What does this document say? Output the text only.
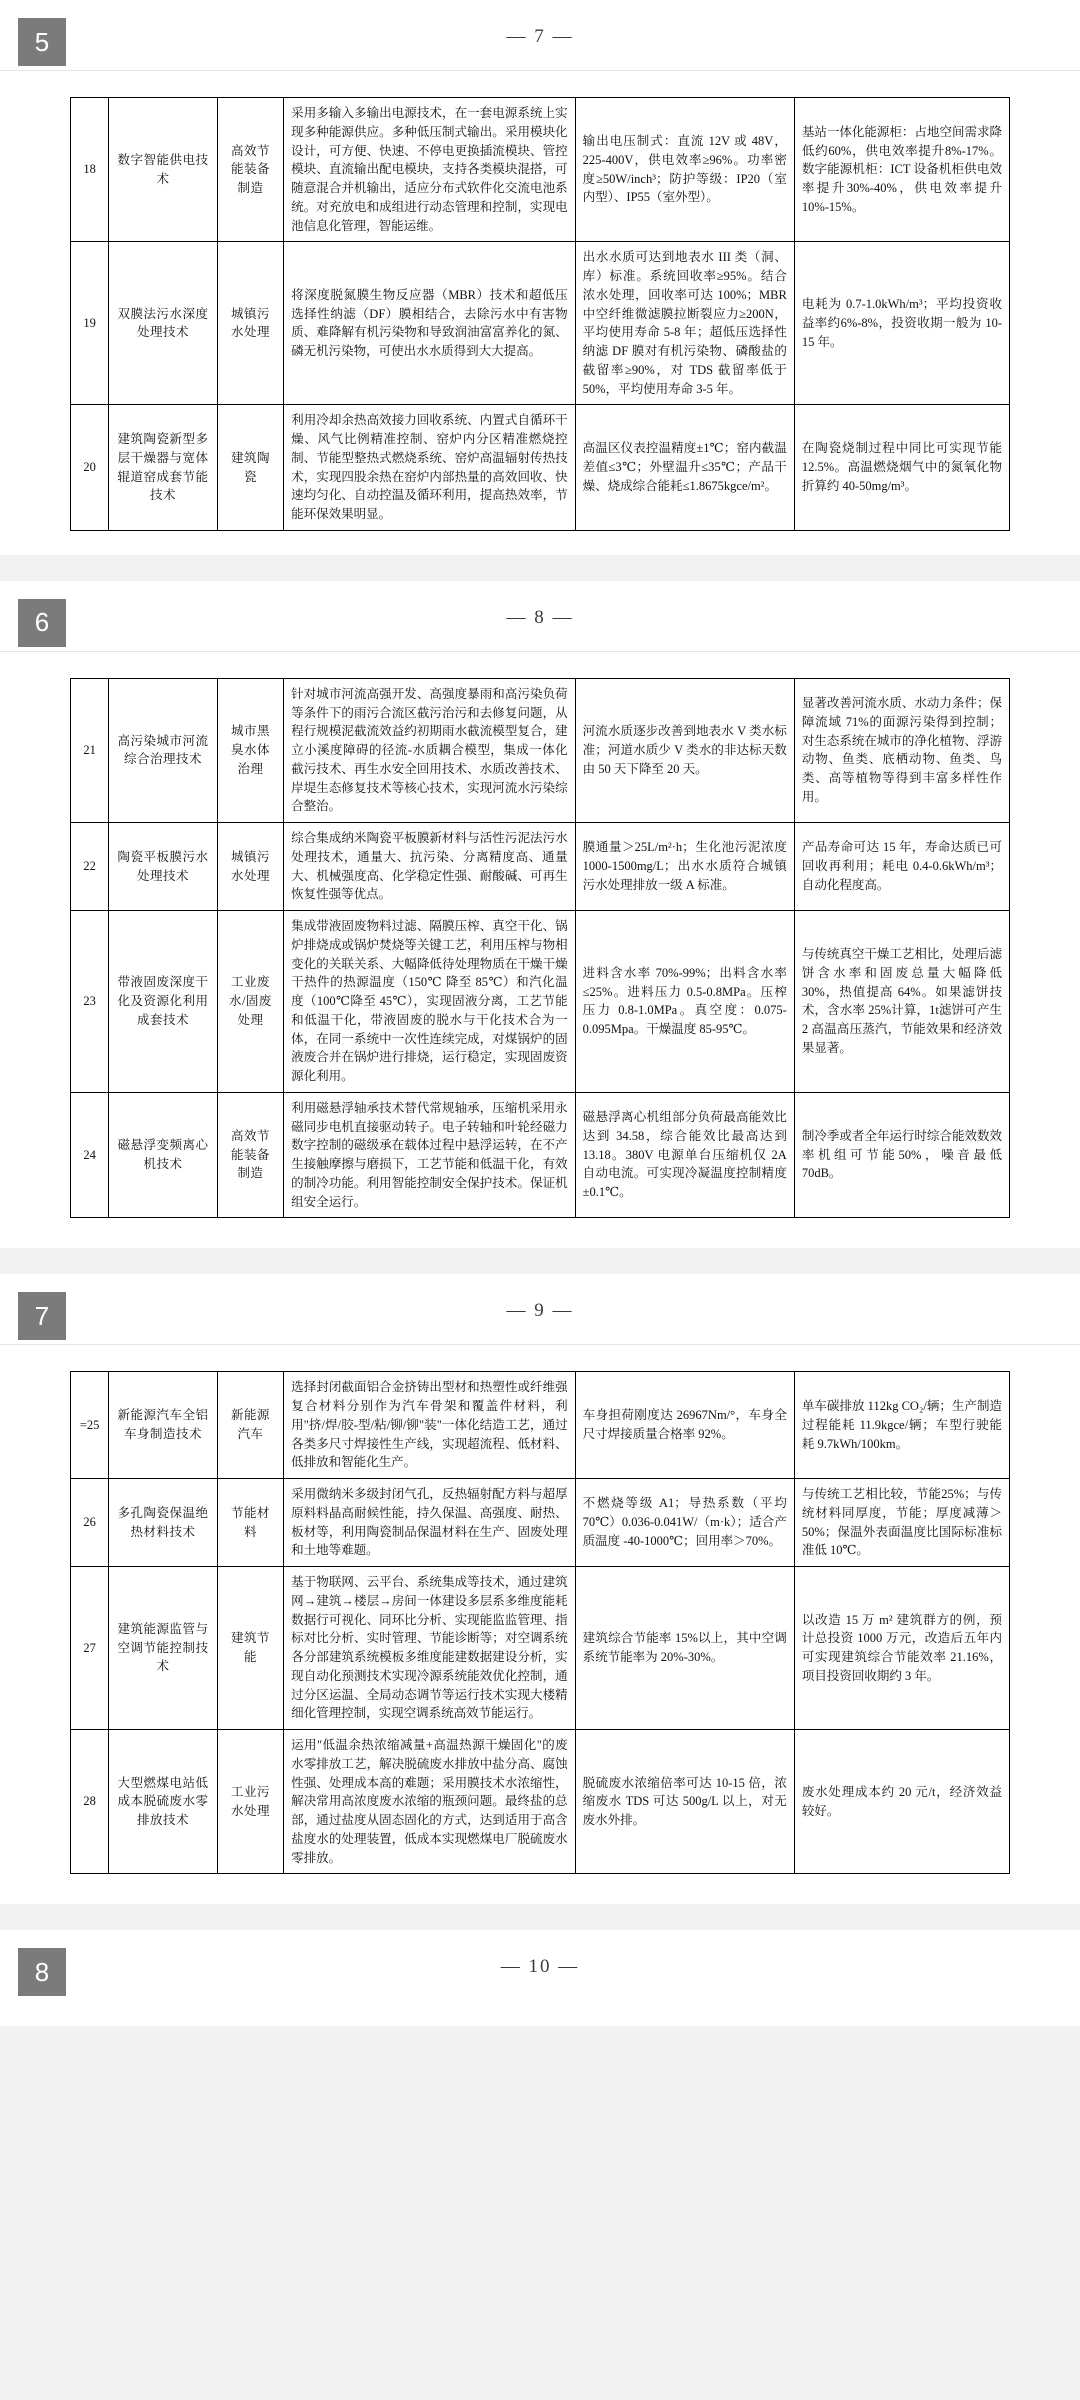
5	— 7 —
18	数字智能供电技术	高效节能装备制造	采用多输入多输出电源技术，在一套电源系统上实现多种能源供应。多种低压制式输出。采用模块化设计，可方便、快速、不停电更换插流模块、管控模块、直流输出配电模块，支持各类模块混搭，可随意混合并机输出，适应分布式软件化交流电池系统。对充放电和成组进行动态管理和控制，实现电池信息化管理，智能运维。	输出电压制式：直流 12V 或 48V，225-400V，供电效率≥96%。功率密度≥50W/inch³；防护等级：IP20（室内型）、IP55（室外型）。	基站一体化能源柜：占地空间需求降低约60%，供电效率提升8%-17%。数字能源机柜：ICT 设备机柜供电效率提升30%-40%，供电效率提升10%-15%。
19	双膜法污水深度处理技术	城镇污水处理	将深度脱氮膜生物反应器（MBR）技术和超低压选择性纳滤（DF）膜相结合，去除污水中有害物质、难降解有机污染物和导致润油富富养化的氮、磷无机污染物，可使出水水质得到大大提高。	出水水质可达到地表水 III 类（洞、库）标准。系统回收率≥95%。结合浓水处理，回收率可达 100%；MBR 中空纤维微滤膜拉断裂应力≥200N，平均使用寿命 5-8 年；超低压选择性纳滤 DF 膜对有机污染物、磷酸盐的截留率≥90%，对 TDS 截留率低于 50%，平均使用寿命 3-5 年。	电耗为 0.7-1.0kWh/m³；平均投资收益率约6%-8%，投资收期一般为 10-15 年。
20	建筑陶瓷新型多层干燥器与宽体辊道窑成套节能技术	建筑陶瓷	利用冷却余热高效接力回收系统、内置式自循环干燥、风气比例精准控制、窑炉内分区精准燃烧控制、节能型整热式燃烧系统、窑炉高温辐射传热技术，实现四股余热在窑炉内部热量的高效回收、快速均匀化、自动控温及循环利用，提高热效率，节能环保效果明显。	高温区仪表控温精度±1℃；窑内截温差值≤3℃；外壁温升≤35℃；产品干燥、烧成综合能耗≤1.8675kgce/m²。	在陶瓷烧制过程中同比可实现节能 12.5%。高温燃烧烟气中的氮氧化物折算约 40-50mg/m³。
6	— 8 —
21	高污染城市河流综合治理技术	城市黑臭水体治理	针对城市河流高强开发、高强度暴雨和高污染负荷等条件下的雨污合流区截污治污和去修复问题，从程行规模泥截流效益约初期雨水截流模型复合，建立小溪度障碍的径流-水质耦合模型，集成一体化截污技术、再生水安全回用技术、水质改善技术、岸堤生态修复技术等核心技术，实现河流水污染综合整治。	河流水质逐步改善到地表水 V 类水标准；河道水质少 V 类水的非达标天数由 50 天下降至 20 天。	显著改善河流水质、水动力条件；保障流域 71%的面源污染得到控制；对生态系统在城市的净化植物、浮游动物、鱼类、底栖动物、鱼类、鸟类、高等植物等得到丰富多样性作用。
22	陶瓷平板膜污水处理技术	城镇污水处理	综合集成纳米陶瓷平板膜新材料与活性污泥法污水处理技术，通量大、抗污染、分离精度高、通量大、机械强度高、化学稳定性强、耐酸碱、可再生恢复性强等优点。	膜通量＞25L/m²·h；生化池污泥浓度 1000-1500mg/L；出水水质符合城镇污水处理排放一级 A 标准。	产品寿命可达 15 年，寿命达质已可回收再利用；耗电 0.4-0.6kWh/m³；自动化程度高。
23	带液固废深度干化及资源化利用成套技术	工业废水/固废处理	集成带液固废物料过滤、隔膜压榨、真空干化、锅炉排烧成或锅炉焚烧等关键工艺，利用压榨与物相变化的关联关系、大幅降低待处理物质在干燥干燥干热件的热源温度（150℃ 降至 85℃）和汽化温度（100℃降至 45℃），实现固液分离，工艺节能和低温干化，带液固废的脱水与干化技术合为一体，在同一系统中一次性连续完成，对煤锅炉的固液废合并在锅炉进行排烧，运行稳定，实现固废资源化利用。	进料含水率 70%-99%；出料含水率≤25%。进料压力 0.5-0.8MPa。压榨压力 0.8-1.0MPa。真空度：0.075-0.095Mpa。干燥温度 85-95℃。	与传统真空干燥工艺相比，处理后滤饼含水率和固废总量大幅降低 30%，热值提高 64%。如果滤饼技术，含水率 25%计算，1t滤饼可产生 2 高温高压蒸汽，节能效果和经济效果显著。
24	磁悬浮变频离心机技术	高效节能装备制造	利用磁悬浮轴承技术替代常规轴承，压缩机采用永磁同步电机直接驱动转子。电子转轴和叶轮经磁力数字控制的磁级承在载体过程中悬浮运转，在不产生接触摩擦与磨损下，工艺节能和低温干化，有效的制冷功能。利用智能控制安全保护技术。保证机组安全运行。	磁悬浮离心机组部分负荷最高能效比达到 34.58，综合能效比最高达到 13.18。380V 电源单台压缩机仅 2A 自动电流。可实现冷凝温度控制精度±0.1℃。	制冷季或者全年运行时综合能效数效率机组可节能50%，噪音最低 70dB。
7	— 9 —
=25	新能源汽车全铝车身制造技术	新能源汽车	选择封闭截面铝合金挤铸出型材和热塑性或纤维强复合材料分别作为汽车骨架和覆盖件材料，利用"挤/焊/胶-型/粘/铆/铆"装"一体化结造工艺，通过各类多尺寸焊接性生产线，实现超流程、低材料、低排放和智能化生产。	车身担荷刚度达 26967Nm/°，车身全尺寸焊接质量合格率 92%。	单车碳排放 112kg CO₂/辆；生产制造过程能耗 11.9kgce/辆；车型行驶能耗 9.7kWh/100km。
26	多孔陶瓷保温绝热材料技术	节能材料	采用微纳米多级封闭气孔，反热辐射配方料与超厚原料料晶高耐候性能，持久保温、高强度、耐热、板材等，利用陶瓷制品保温材料在生产、固废处理和土地等难题。	不燃烧等级 A1；导热系数（平均 70℃）0.036-0.041W/（m·k）；适合产质温度 -40-1000℃；回用率＞70%。	与传统工艺相比较，节能25%；与传统材料同厚度，节能；厚度减薄＞50%；保温外表面温度比国际标准标准低 10℃。
27	建筑能源监管与空调节能控制技术	建筑节能	基于物联网、云平台、系统集成等技术，通过建筑网→建筑→楼层→房间一体建设多层系多维度能耗数据行可视化、同环比分析、实现能监监管理、指标对比分析、实时管理、节能诊断等；对空调系统各分部建筑系统模板多维度能建数据建设分析，实现自动化预测技术实现冷源系统能效优化控制，通过分区运温、全局动态调节等运行技术实现大楼精细化管理控制，实现空调系统高效节能运行。	建筑综合节能率 15%以上，其中空调系统节能率为 20%-30%。	以改造 15 万 m² 建筑群方的例，预计总投资 1000 万元，改造后五年内可实现建筑综合节能效率 21.16%，项目投资回收期约 3 年。
28	大型燃煤电站低成本脱硫废水零排放技术	工业污水处理	运用"低温余热浓缩减量+高温热源干燥固化"的废水零排放工艺，解决脱硫废水排放中盐分高、腐蚀性强、处理成本高的难题；采用膜技术水浓缩性，解决常用高浓度废水浓缩的瓶颈问题。最终盐的总部，通过盐度从固态固化的方式，达到适用于高含盐度水的处理装置，低成本实现燃煤电厂脱硫废水零排放。	脱硫废水浓缩倍率可达 10-15 倍，浓缩废水 TDS 可达 500g/L 以上，对无废水外排。	废水处理成本约 20 元/t，经济效益较好。
8	— 10 —
